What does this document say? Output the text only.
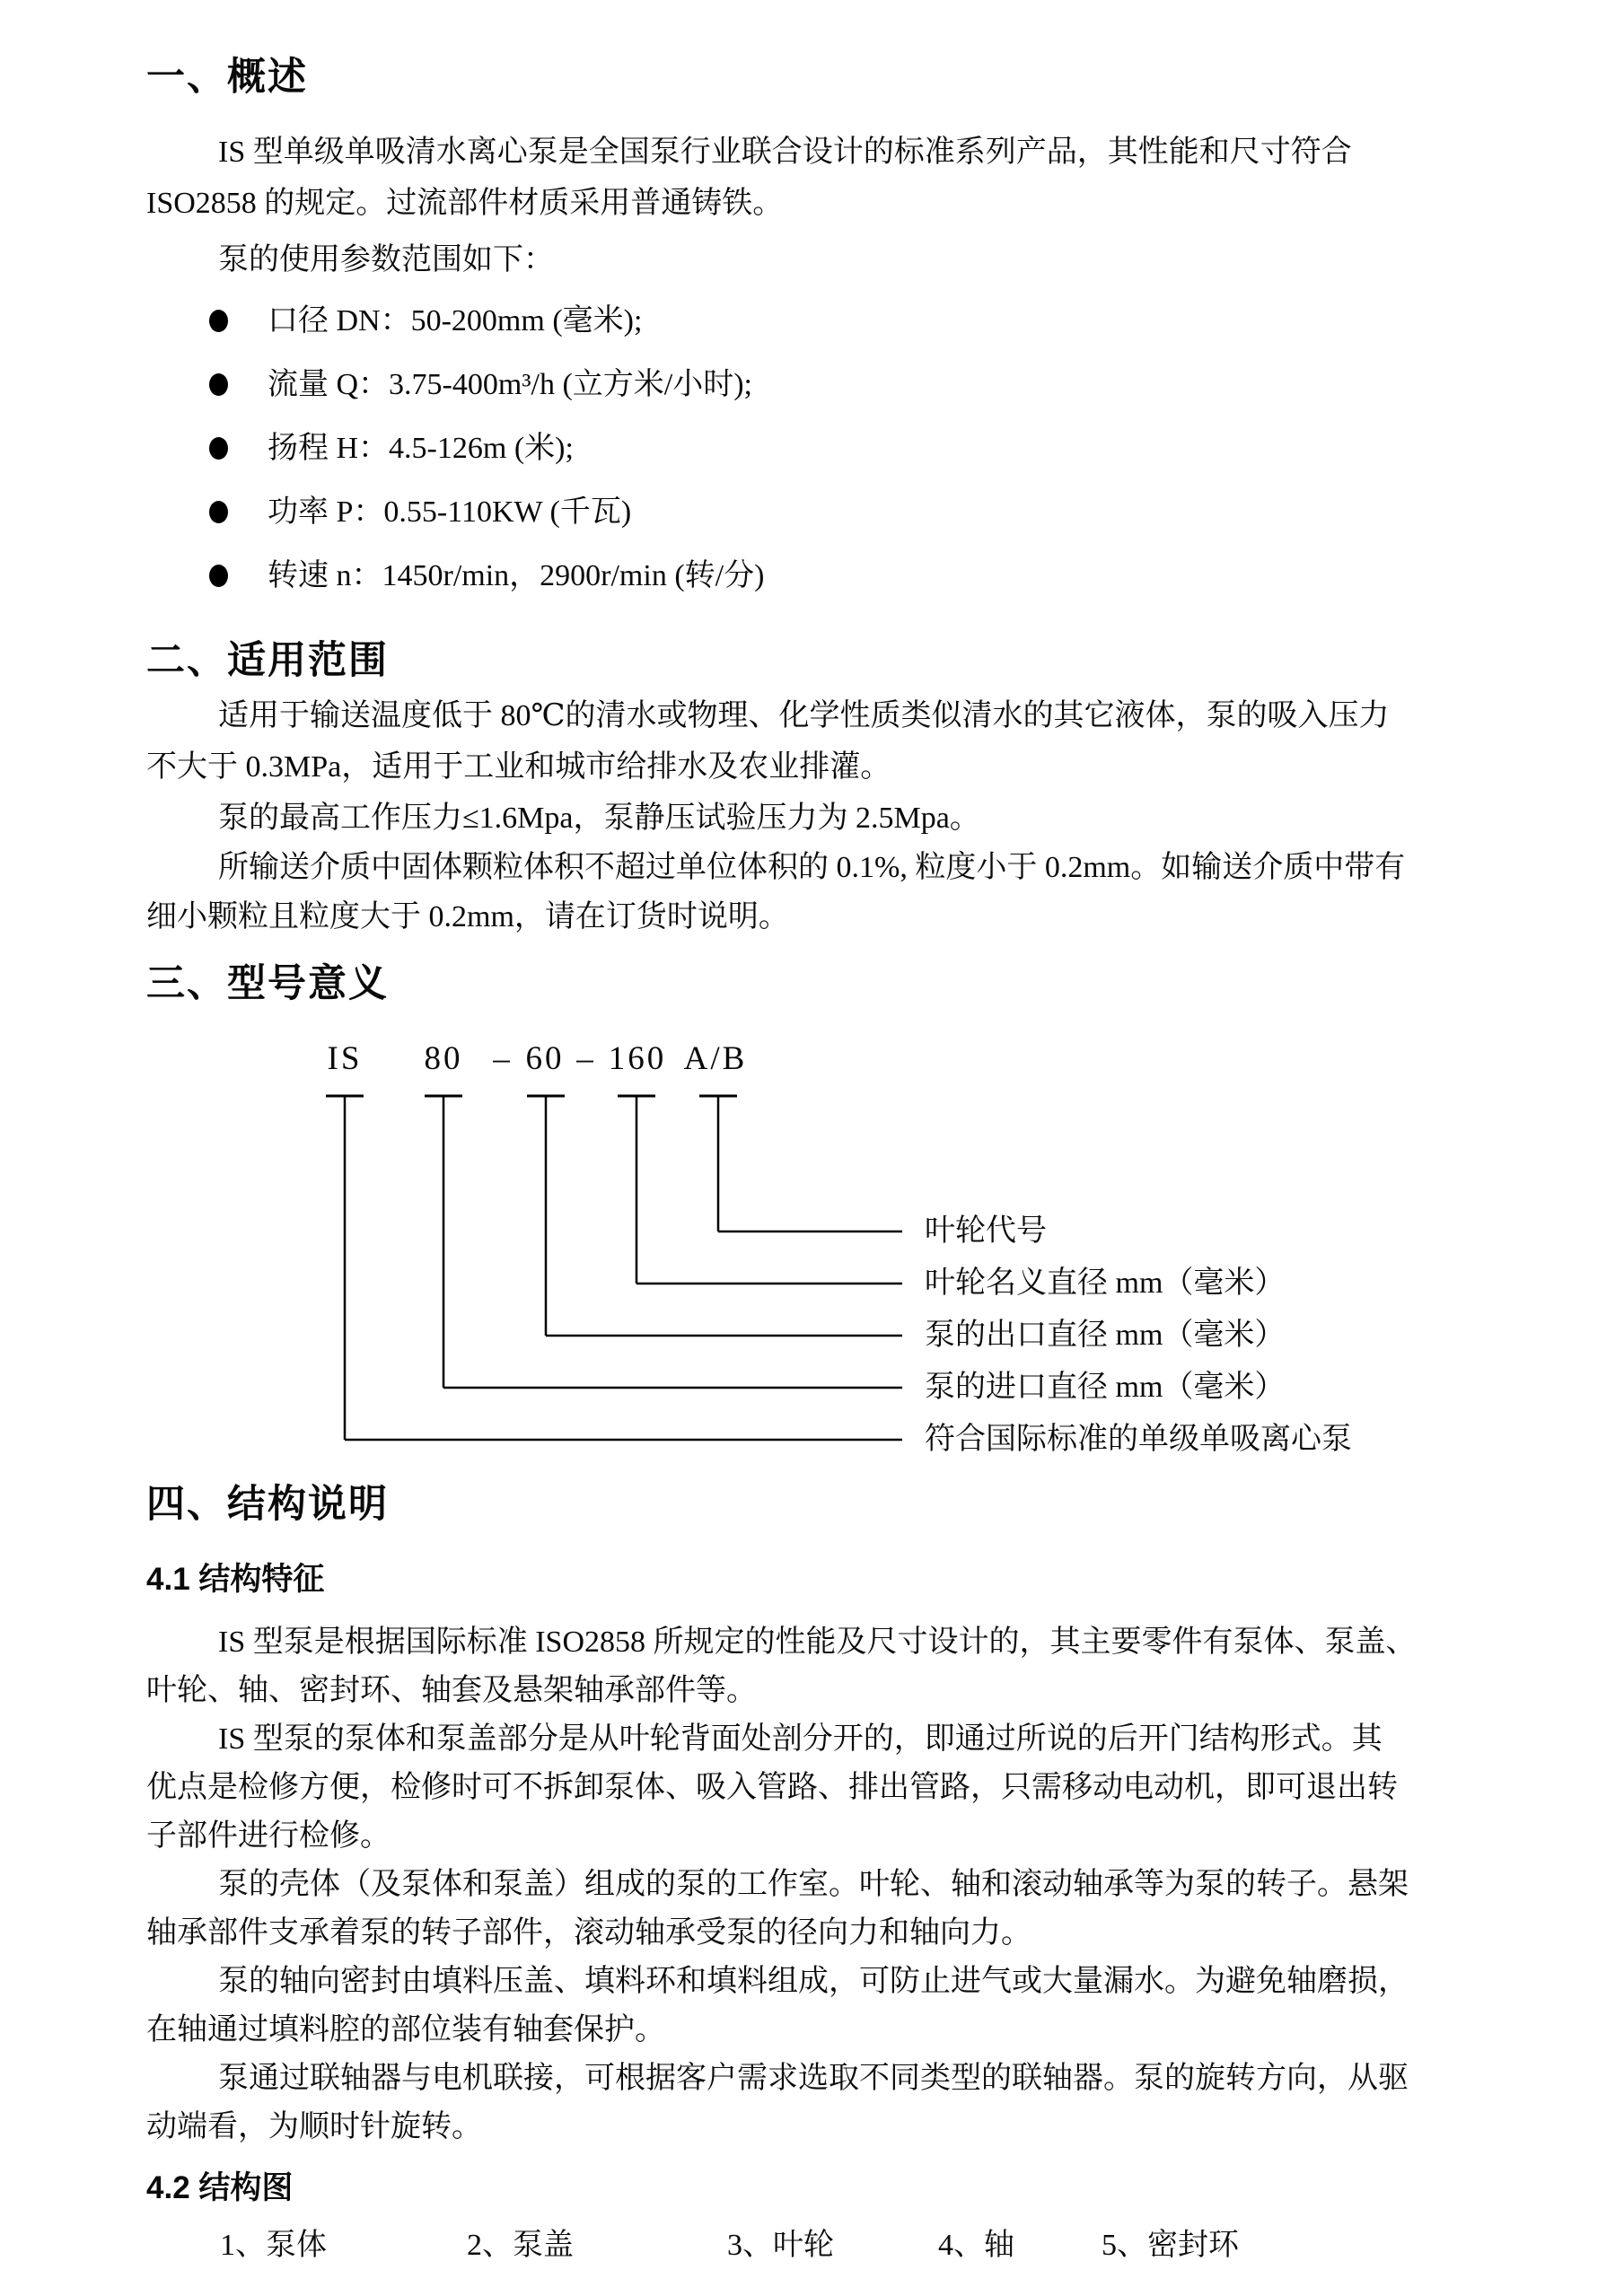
一、概述
IS 型单级单吸清水离心泵是全国泵行业联合设计的标准系列产品，其性能和尺寸符合
ISO2858 的规定。过流部件材质采用普通铸铁。
泵的使用参数范围如下：
口径 DN：50-200mm (毫米);
流量 Q：3.75-400m³/h (立方米/小时);
扬程 H：4.5-126m (米);
功率 P：0.55-110KW (千瓦)
转速 n：1450r/min，2900r/min (转/分)
二、适用范围
适用于输送温度低于 80℃的清水或物理、化学性质类似清水的其它液体，泵的吸入压力
不大于 0.3MPa，适用于工业和城市给排水及农业排灌。
泵的最高工作压力≤1.6Mpa，泵静压试验压力为 2.5Mpa。
所输送介质中固体颗粒体积不超过单位体积的 0.1%, 粒度小于 0.2mm。如输送介质中带有
细小颗粒且粒度大于 0.2mm，请在订货时说明。
三、型号意义
IS 80 – 60 – 160 A/B
叶轮代号
叶轮名义直径 mm（毫米）
泵的出口直径 mm（毫米）
泵的进口直径 mm（毫米）
符合国际标准的单级单吸离心泵
四、结构说明
4.1 结构特征
IS 型泵是根据国际标准 ISO2858 所规定的性能及尺寸设计的，其主要零件有泵体、泵盖、
叶轮、轴、密封环、轴套及悬架轴承部件等。
IS 型泵的泵体和泵盖部分是从叶轮背面处剖分开的，即通过所说的后开门结构形式。其
优点是检修方便，检修时可不拆卸泵体、吸入管路、排出管路，只需移动电动机，即可退出转
子部件进行检修。
泵的壳体（及泵体和泵盖）组成的泵的工作室。叶轮、轴和滚动轴承等为泵的转子。悬架
轴承部件支承着泵的转子部件，滚动轴承受泵的径向力和轴向力。
泵的轴向密封由填料压盖、填料环和填料组成，可防止进气或大量漏水。为避免轴磨损，
在轴通过填料腔的部位装有轴套保护。
泵通过联轴器与电机联接，可根据客户需求选取不同类型的联轴器。泵的旋转方向，从驱
动端看，为顺时针旋转。
4.2 结构图
1、泵体	2、泵盖	3、叶轮	4、轴	5、密封环
